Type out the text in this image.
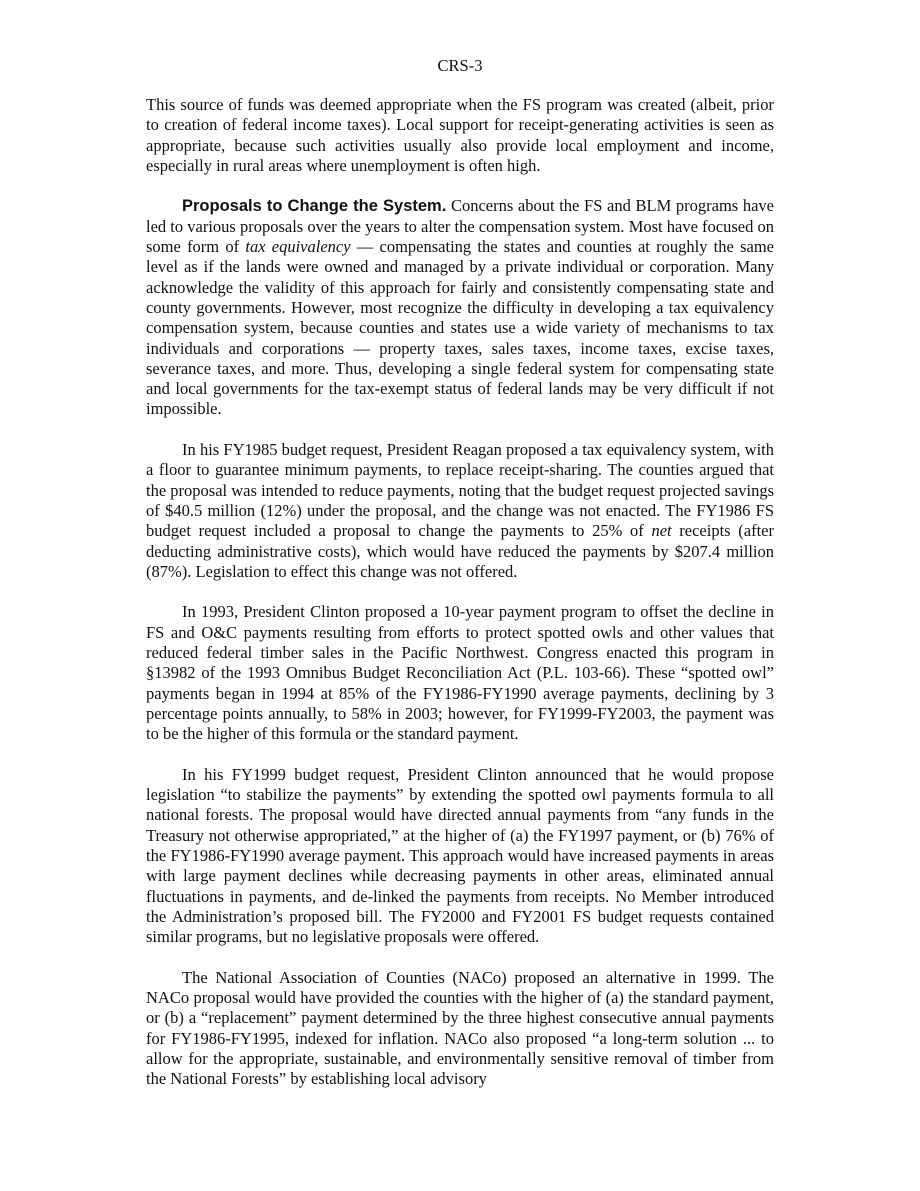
CRS-3

This source of funds was deemed appropriate when the FS program was created (albeit, prior to creation of federal income taxes). Local support for receipt-generating activities is seen as appropriate, because such activities usually also provide local employment and income, especially in rural areas where unemployment is often high.

Proposals to Change the System. Concerns about the FS and BLM programs have led to various proposals over the years to alter the compensation system. Most have focused on some form of tax equivalency — compensating the states and counties at roughly the same level as if the lands were owned and managed by a private individual or corporation. Many acknowledge the validity of this approach for fairly and consistently compensating state and county governments. However, most recognize the difficulty in developing a tax equivalency compensation system, because counties and states use a wide variety of mechanisms to tax individuals and corporations — property taxes, sales taxes, income taxes, excise taxes, severance taxes, and more. Thus, developing a single federal system for compensating state and local governments for the tax-exempt status of federal lands may be very difficult if not impossible.

In his FY1985 budget request, President Reagan proposed a tax equivalency system, with a floor to guarantee minimum payments, to replace receipt-sharing. The counties argued that the proposal was intended to reduce payments, noting that the budget request projected savings of $40.5 million (12%) under the proposal, and the change was not enacted. The FY1986 FS budget request included a proposal to change the payments to 25% of net receipts (after deducting administrative costs), which would have reduced the payments by $207.4 million (87%). Legislation to effect this change was not offered.

In 1993, President Clinton proposed a 10-year payment program to offset the decline in FS and O&C payments resulting from efforts to protect spotted owls and other values that reduced federal timber sales in the Pacific Northwest. Congress enacted this program in §13982 of the 1993 Omnibus Budget Reconciliation Act (P.L. 103-66). These “spotted owl” payments began in 1994 at 85% of the FY1986-FY1990 average payments, declining by 3 percentage points annually, to 58% in 2003; however, for FY1999-FY2003, the payment was to be the higher of this formula or the standard payment.

In his FY1999 budget request, President Clinton announced that he would propose legislation “to stabilize the payments” by extending the spotted owl payments formula to all national forests. The proposal would have directed annual payments from “any funds in the Treasury not otherwise appropriated,” at the higher of (a) the FY1997 payment, or (b) 76% of the FY1986-FY1990 average payment. This approach would have increased payments in areas with large payment declines while decreasing payments in other areas, eliminated annual fluctuations in payments, and de-linked the payments from receipts. No Member introduced the Administration’s proposed bill. The FY2000 and FY2001 FS budget requests contained similar programs, but no legislative proposals were offered.

The National Association of Counties (NACo) proposed an alternative in 1999. The NACo proposal would have provided the counties with the higher of (a) the standard payment, or (b) a “replacement” payment determined by the three highest consecutive annual payments for FY1986-FY1995, indexed for inflation. NACo also proposed “a long-term solution ... to allow for the appropriate, sustainable, and environmentally sensitive removal of timber from the National Forests” by establishing local advisory
